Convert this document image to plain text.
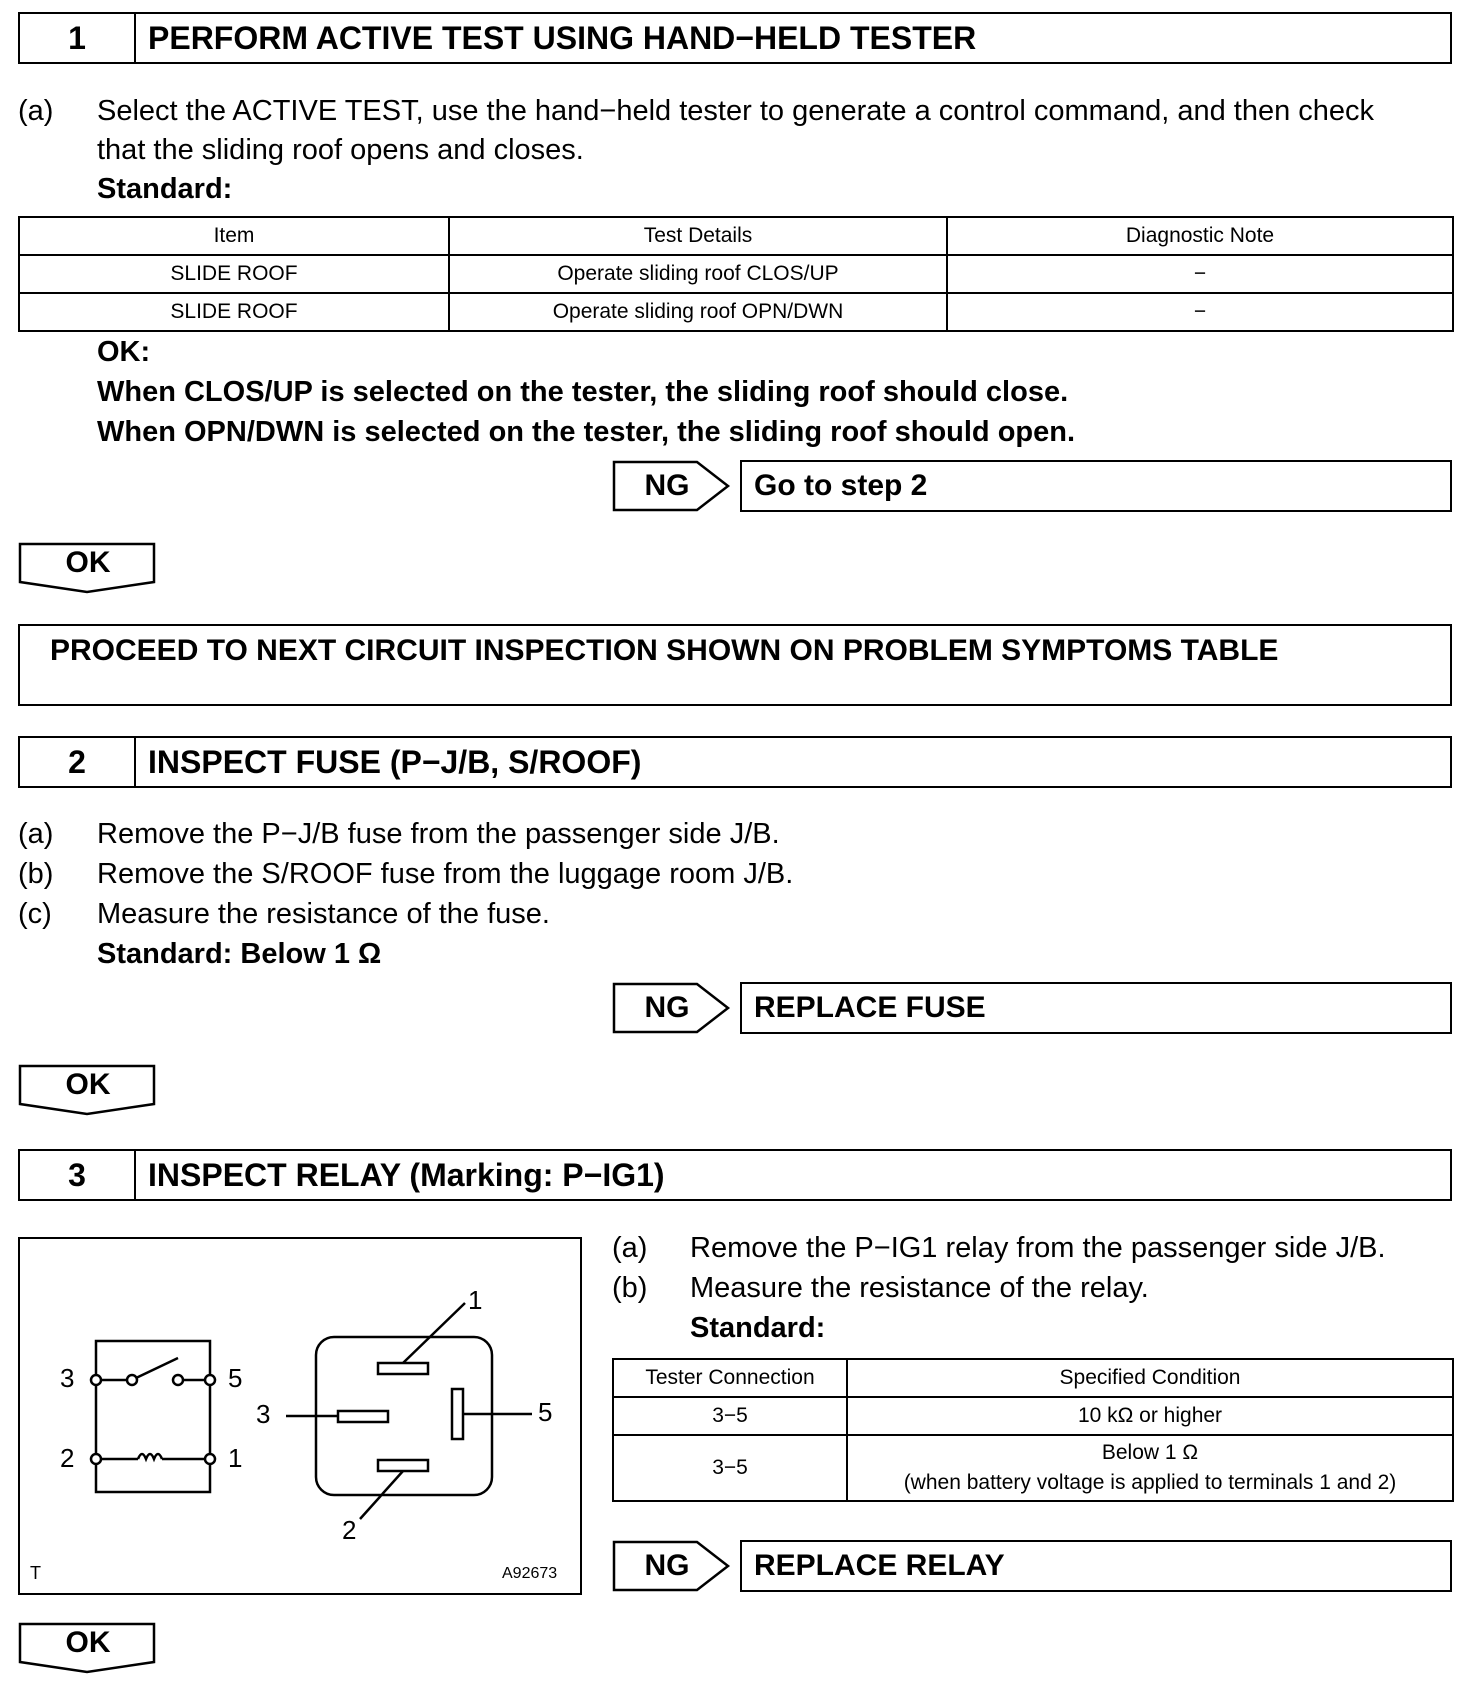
1	PERFORM ACTIVE TEST USING HAND−HELD TESTER
(a) Select the ACTIVE TEST, use the hand−held tester to generate a control command, and then check
that the sliding roof opens and closes.
Standard:
Item	Test Details	Diagnostic Note
SLIDE ROOF	Operate sliding roof CLOS/UP	−
SLIDE ROOF	Operate sliding roof OPN/DWN	−
OK:
When CLOS/UP is selected on the tester, the sliding roof should close.
When OPN/DWN is selected on the tester, the sliding roof should open.
NG	Go to step 2
OK
PROCEED TO NEXT CIRCUIT INSPECTION SHOWN ON PROBLEM SYMPTOMS TABLE
2	INSPECT FUSE (P−J/B, S/ROOF)
(a) Remove the P−J/B fuse from the passenger side J/B.
(b) Remove the S/ROOF fuse from the luggage room J/B.
(c) Measure the resistance of the fuse.
Standard: Below 1 Ω
NG	REPLACE FUSE
OK
3	INSPECT RELAY (Marking: P−IG1)
3	5
2	1
1
3	5
2
T	A92673
(a) Remove the P−IG1 relay from the passenger side J/B.
(b) Measure the resistance of the relay.
Standard:
Tester Connection	Specified Condition
3−5	10 kΩ or higher
3−5	Below 1 Ω
(when battery voltage is applied to terminals 1 and 2)
NG	REPLACE RELAY
OK
